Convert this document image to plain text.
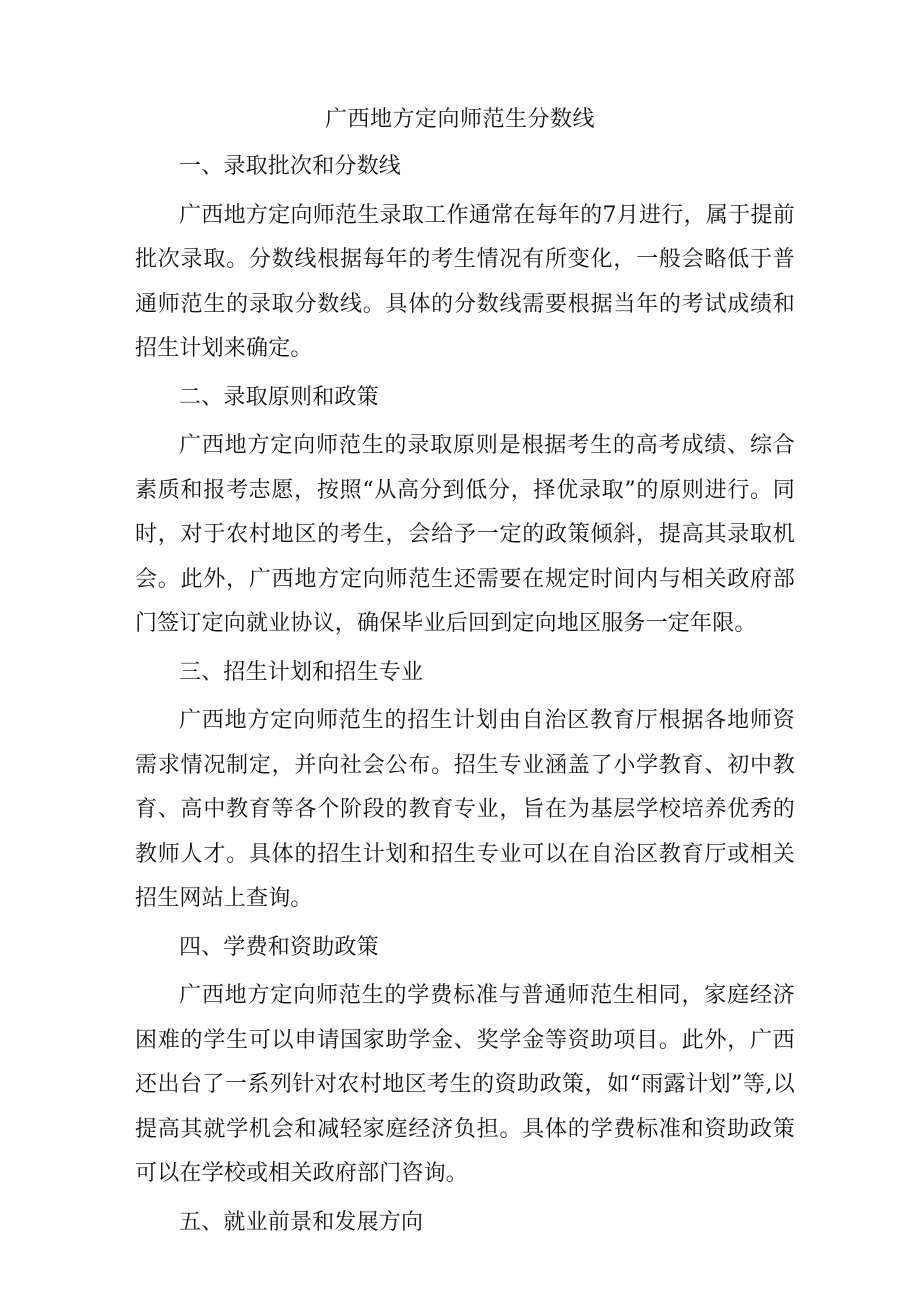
广西地方定向师范生分数线

一、录取批次和分数线

广西地方定向师范生录取工作通常在每年的7月进行，属于提前批次录取。分数线根据每年的考生情况有所变化，一般会略低于普通师范生的录取分数线。具体的分数线需要根据当年的考试成绩和招生计划来确定。

二、录取原则和政策

广西地方定向师范生的录取原则是根据考生的高考成绩、综合素质和报考志愿，按照“从高分到低分，择优录取”的原则进行。同时，对于农村地区的考生，会给予一定的政策倾斜，提高其录取机会。此外，广西地方定向师范生还需要在规定时间内与相关政府部门签订定向就业协议，确保毕业后回到定向地区服务一定年限。

三、招生计划和招生专业

广西地方定向师范生的招生计划由自治区教育厅根据各地师资需求情况制定，并向社会公布。招生专业涵盖了小学教育、初中教育、高中教育等各个阶段的教育专业，旨在为基层学校培养优秀的教师人才。具体的招生计划和招生专业可以在自治区教育厅或相关招生网站上查询。

四、学费和资助政策

广西地方定向师范生的学费标准与普通师范生相同，家庭经济困难的学生可以申请国家助学金、奖学金等资助项目。此外，广西还出台了一系列针对农村地区考生的资助政策，如“雨露计划”等,以提高其就学机会和减轻家庭经济负担。具体的学费标准和资助政策可以在学校或相关政府部门咨询。

五、就业前景和发展方向
